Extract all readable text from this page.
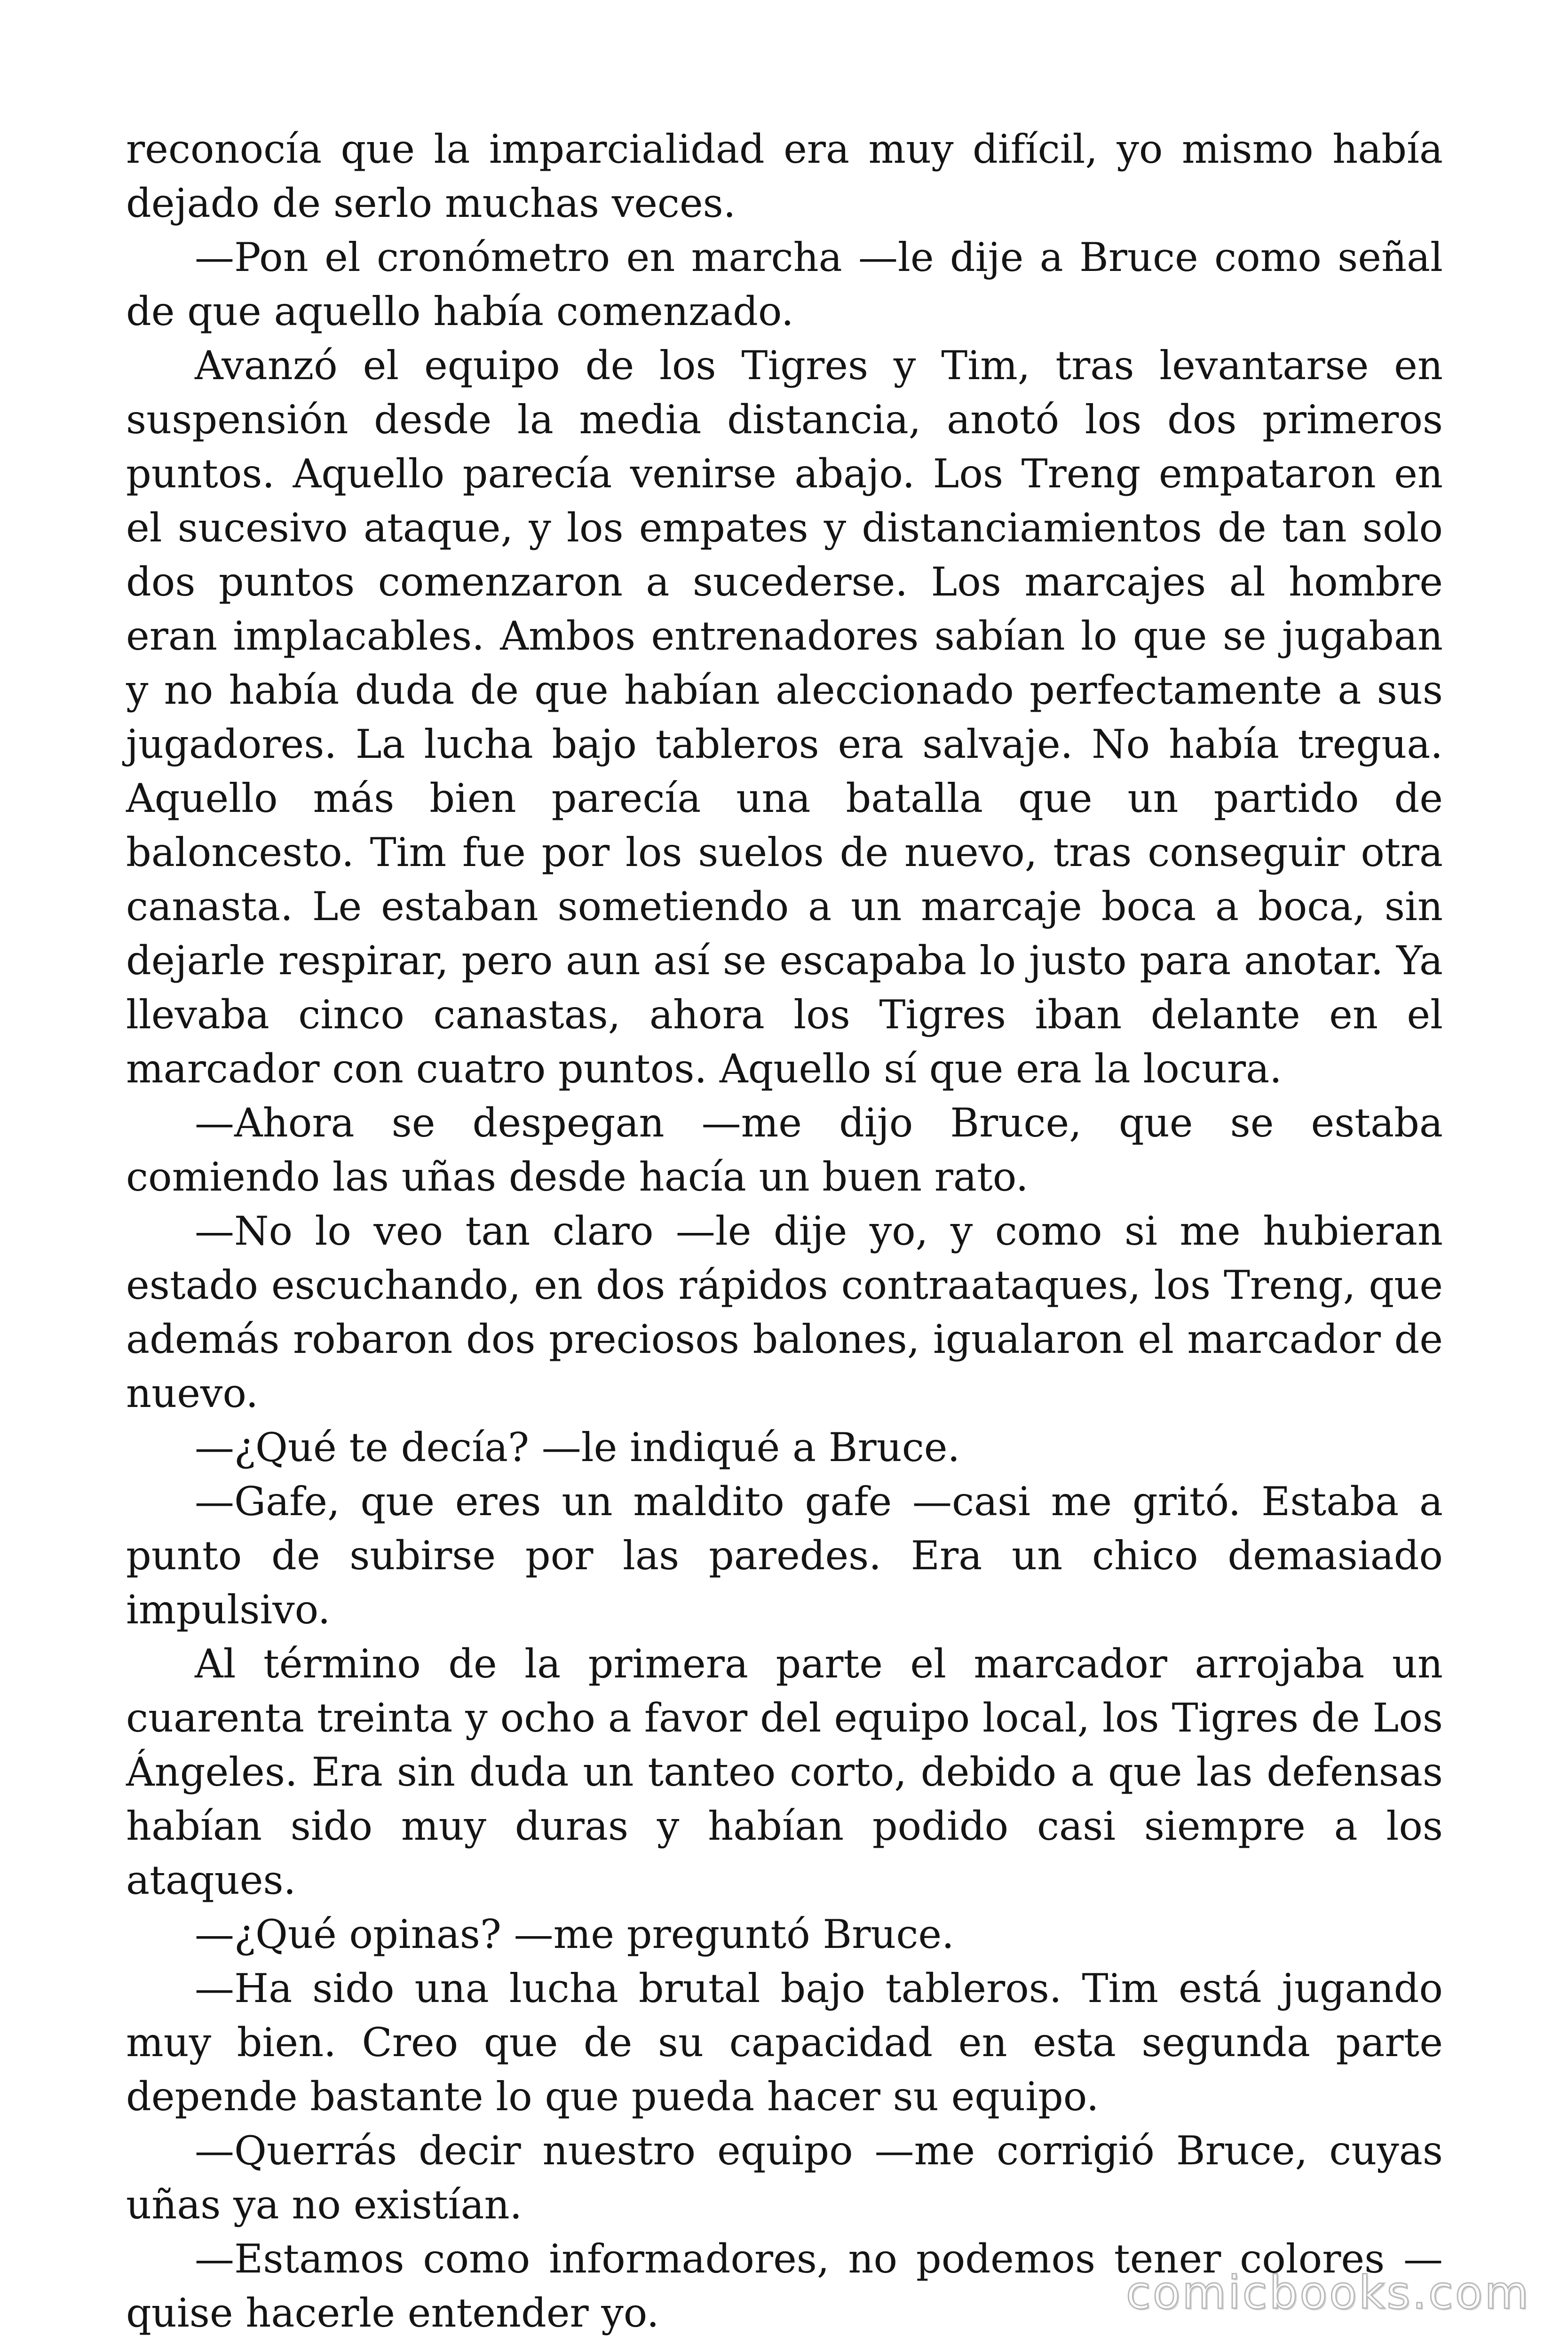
reconocía que la imparcialidad era muy difícil, yo mismo había dejado de serlo muchas veces.

—Pon el cronómetro en marcha —le dije a Bruce como señal de que aquello había comenzado.

Avanzó el equipo de los Tigres y Tim, tras levantarse en suspensión desde la media distancia, anotó los dos primeros puntos. Aquello parecía venirse abajo. Los Treng empataron en el sucesivo ataque, y los empates y distanciamientos de tan solo dos puntos comenzaron a sucederse. Los marcajes al hombre eran implacables. Ambos entrenadores sabían lo que se jugaban y no había duda de que habían aleccionado perfectamente a sus jugadores. La lucha bajo tableros era salvaje. No había tregua. Aquello más bien parecía una batalla que un partido de baloncesto. Tim fue por los suelos de nuevo, tras conseguir otra canasta. Le estaban sometiendo a un marcaje boca a boca, sin dejarle respirar, pero aun así se escapaba lo justo para anotar. Ya llevaba cinco canastas, ahora los Tigres iban delante en el marcador con cuatro puntos. Aquello sí que era la locura.

—Ahora se despegan —me dijo Bruce, que se estaba comiendo las uñas desde hacía un buen rato.

—No lo veo tan claro —le dije yo, y como si me hubieran estado escuchando, en dos rápidos contraataques, los Treng, que además robaron dos preciosos balones, igualaron el marcador de nuevo.

—¿Qué te decía? —le indiqué a Bruce.

—Gafe, que eres un maldito gafe —casi me gritó. Estaba a punto de subirse por las paredes. Era un chico demasiado impulsivo.

Al término de la primera parte el marcador arrojaba un cuarenta treinta y ocho a favor del equipo local, los Tigres de Los Ángeles. Era sin duda un tanteo corto, debido a que las defensas habían sido muy duras y habían podido casi siempre a los ataques.

—¿Qué opinas? —me preguntó Bruce.

—Ha sido una lucha brutal bajo tableros. Tim está jugando muy bien. Creo que de su capacidad en esta segunda parte depende bastante lo que pueda hacer su equipo.

—Querrás decir nuestro equipo —me corrigió Bruce, cuyas uñas ya no existían.

—Estamos como informadores, no podemos tener colores — quise hacerle entender yo.	comicbooks.com
